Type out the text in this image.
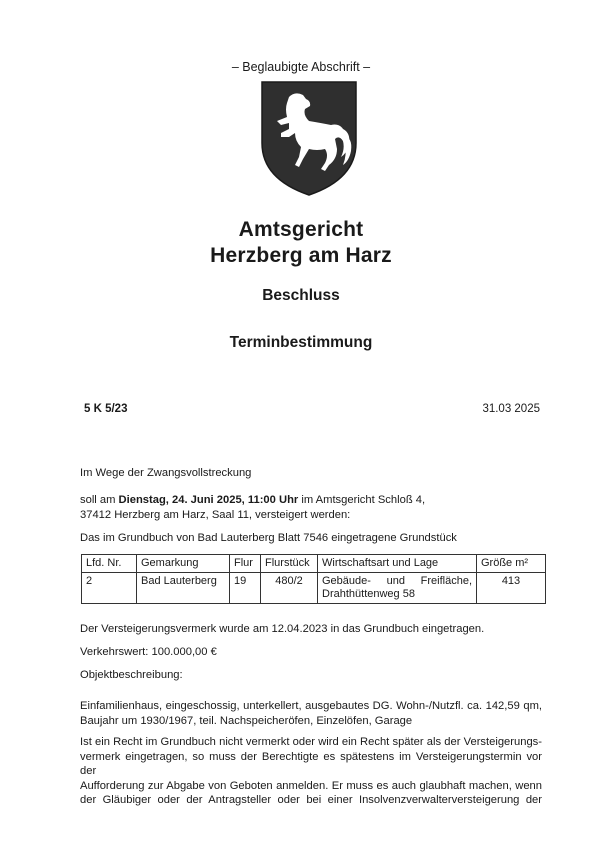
– Beglaubigte Abschrift –
Amtsgericht
Herzberg am Harz
Beschluss
Terminbestimmung
5 K 5/23	31.03 2025
Im Wege der Zwangsvollstreckung
soll am Dienstag, 24. Juni 2025, 11:00 Uhr im Amtsgericht Schloß 4,
37412 Herzberg am Harz, Saal 11, versteigert werden:
Das im Grundbuch von Bad Lauterberg Blatt 7546 eingetragene Grundstück
Lfd. Nr.	Gemarkung	Flur	Flurstück	Wirtschaftsart und Lage	Größe m²
2	Bad Lauterberg	19	480/2	Gebäude- und Freifläche,
Drahthüttenweg 58	413
Der Versteigerungsvermerk wurde am 12.04.2023 in das Grundbuch eingetragen.
Verkehrswert: 100.000,00 €
Objektbeschreibung:
Einfamilienhaus, eingeschossig, unterkellert, ausgebautes DG. Wohn-/Nutzfl. ca. 142,59 qm,
Baujahr um 1930/1967, teil. Nachspeicheröfen, Einzelöfen, Garage
Ist ein Recht im Grundbuch nicht vermerkt oder wird ein Recht später als der Versteigerungs-
vermerk eingetragen, so muss der Berechtigte es spätestens im Versteigerungstermin vor der
Aufforderung zur Abgabe von Geboten anmelden. Er muss es auch glaubhaft machen, wenn
der Gläubiger oder der Antragsteller oder bei einer Insolvenzverwalterversteigerung der
